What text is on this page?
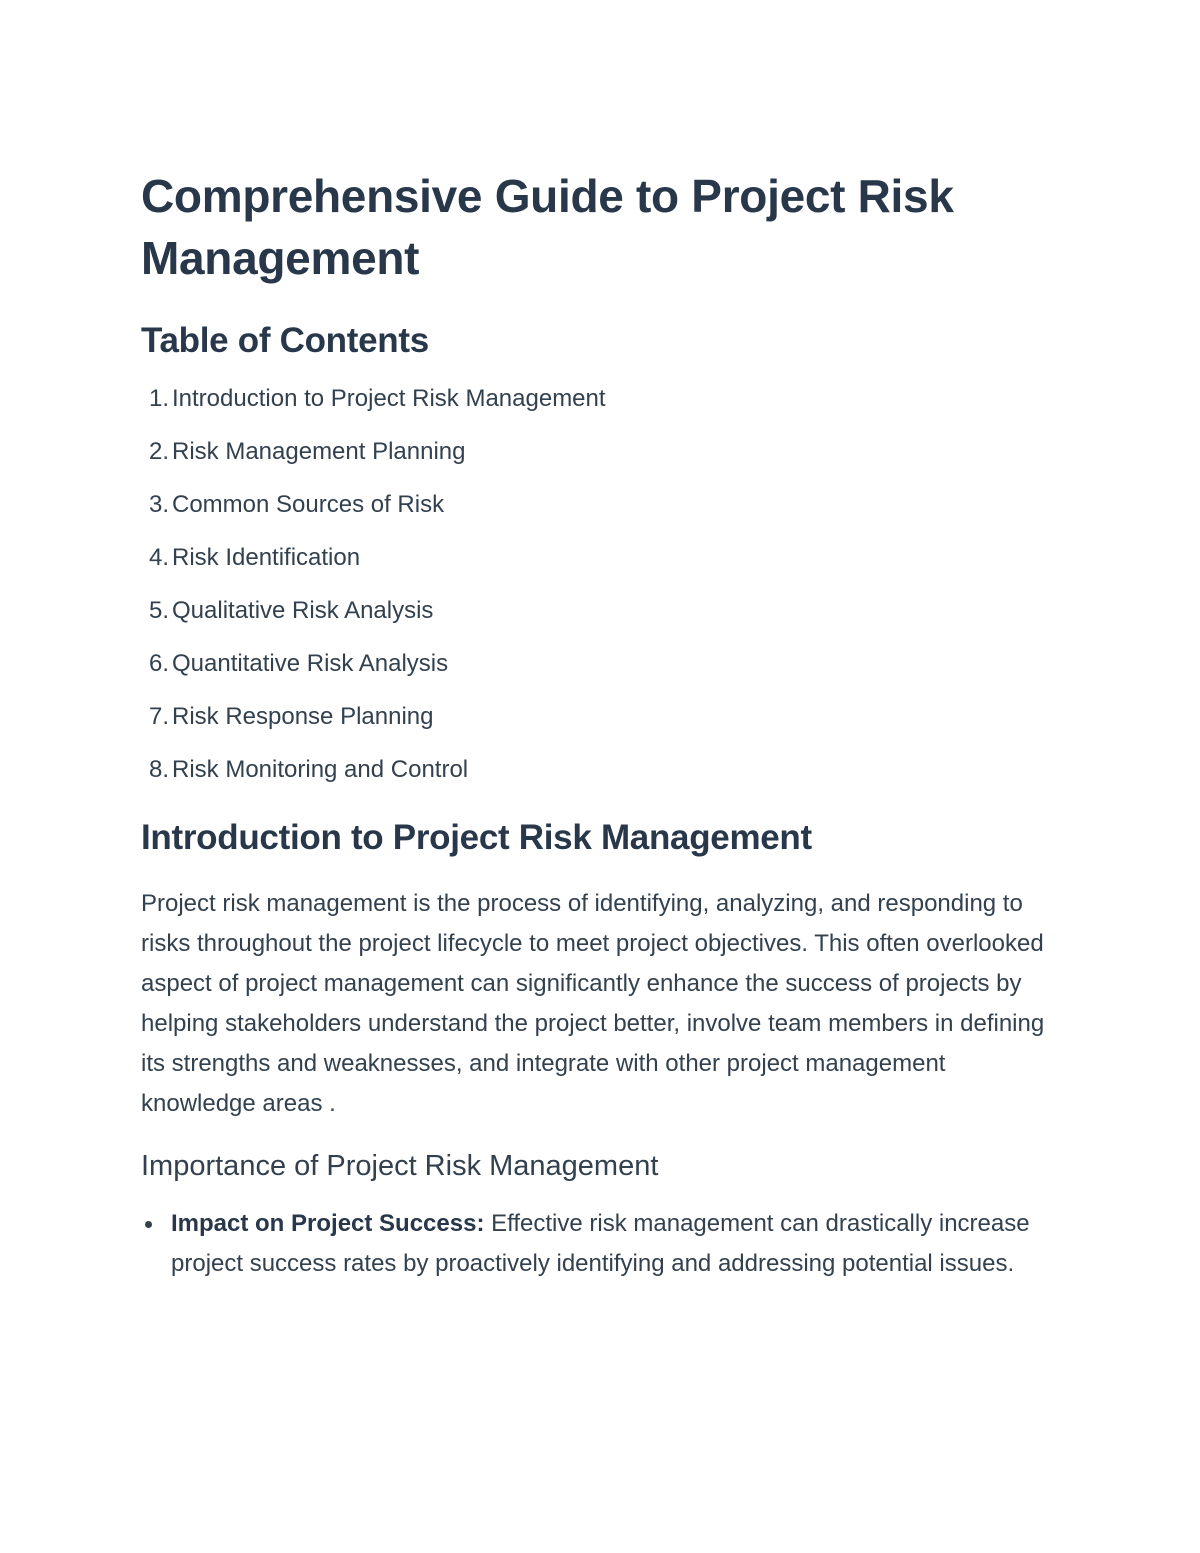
Comprehensive Guide to Project Risk Management
Table of Contents
1. Introduction to Project Risk Management
2. Risk Management Planning
3. Common Sources of Risk
4. Risk Identification
5. Qualitative Risk Analysis
6. Quantitative Risk Analysis
7. Risk Response Planning
8. Risk Monitoring and Control
Introduction to Project Risk Management

Project risk management is the process of identifying, analyzing, and responding to risks throughout the project lifecycle to meet project objectives. This often overlooked aspect of project management can significantly enhance the success of projects by helping stakeholders understand the project better, involve team members in defining its strengths and weaknesses, and integrate with other project management knowledge areas .

Importance of Project Risk Management
Impact on Project Success: Effective risk management can drastically increase project success rates by proactively identifying and addressing potential issues.
